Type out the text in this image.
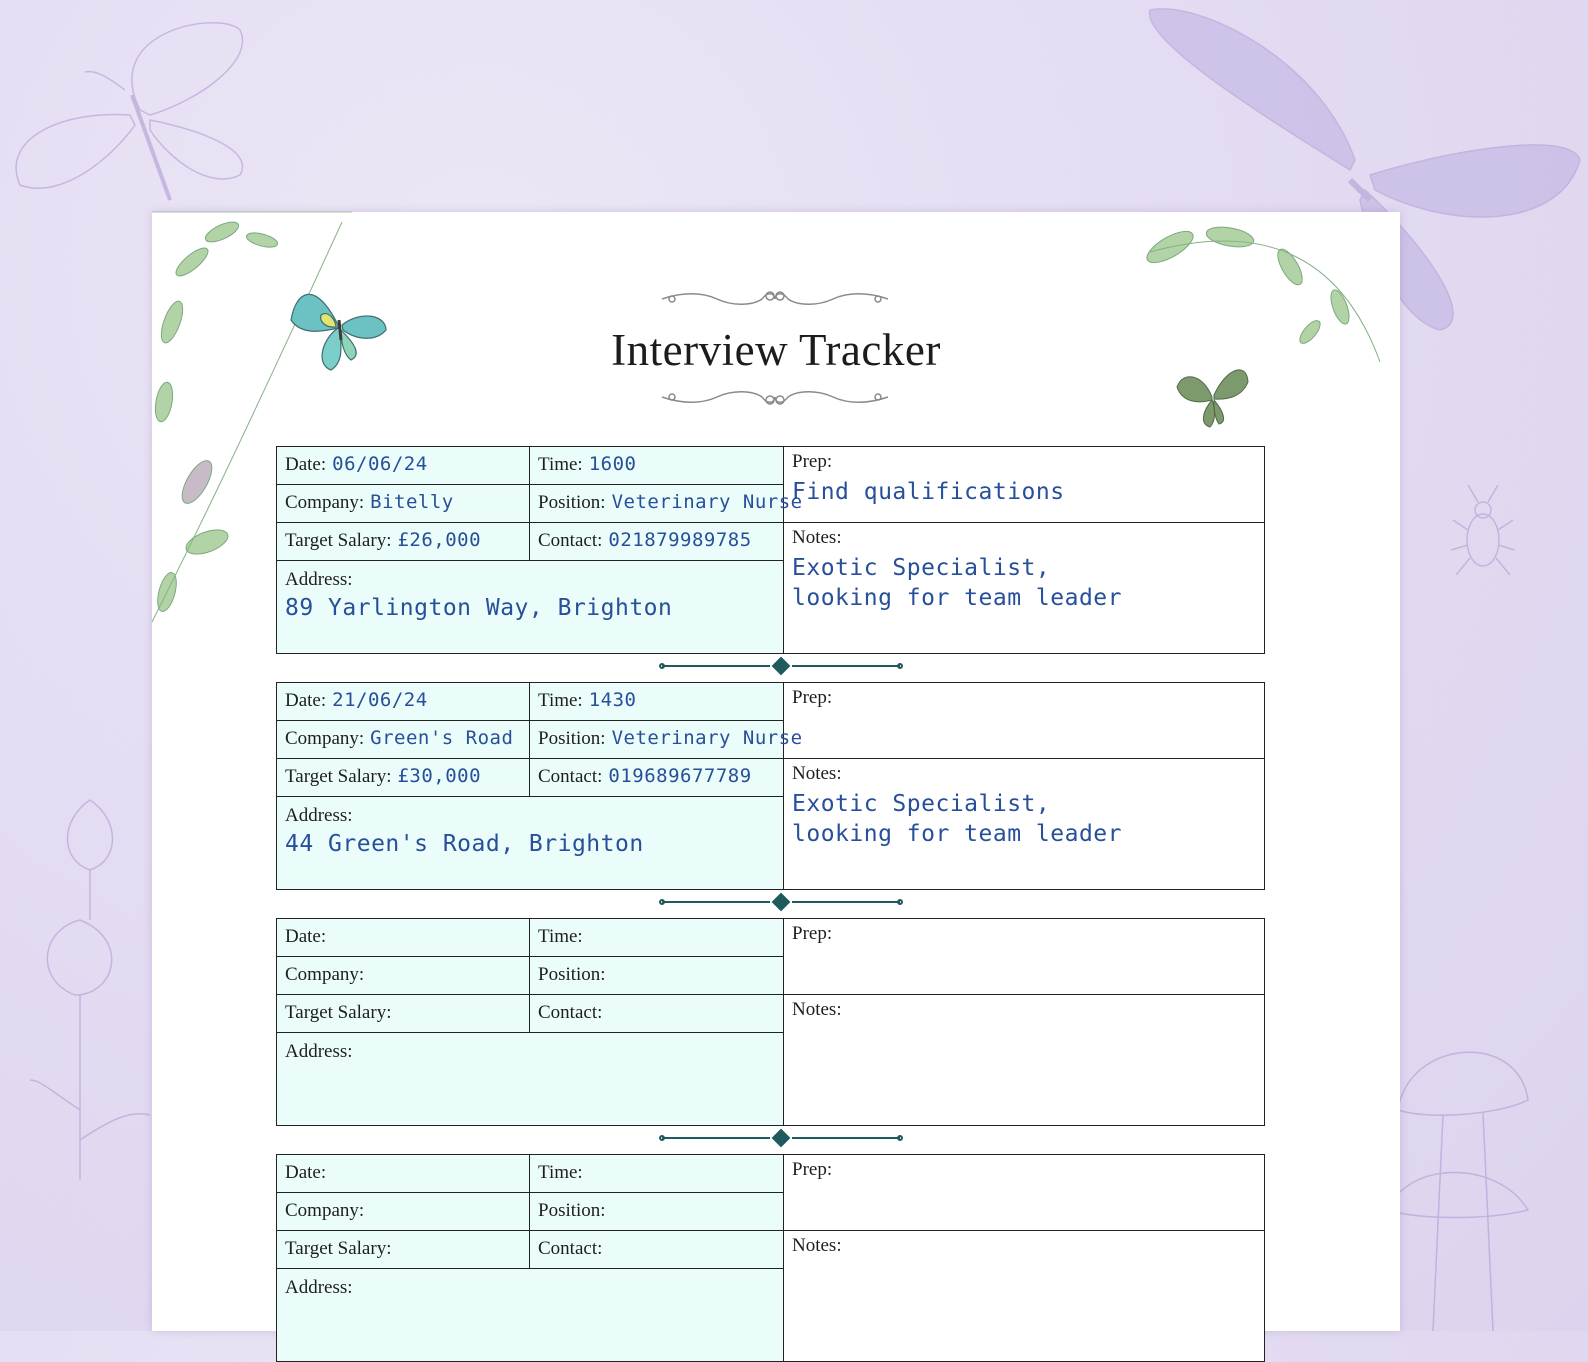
Interview Tracker
Date: 06/06/24	Time: 1600	Prep:
Find qualifications

Company: Bitelly	Position: Veterinary Nurse	
Target Salary: £26,000	Contact: 021879989785	Notes:
Exotic Specialist,
looking for team leader

Address:
89 Yarlington Way, Brighton		
Date: 21/06/24	Time: 1430	Prep:

Company: Green's Road	Position: Veterinary Nurse	
Target Salary: £30,000	Contact: 019689677789	Notes:
Exotic Specialist,
looking for team leader

Address:
44 Green's Road, Brighton		
Date:	Time:	Prep:

Company:	Position:	
Target Salary:	Contact:	Notes:

Address:		
Date:	Time:	Prep:

Company:	Position:	
Target Salary:	Contact:	Notes:

Address:		
